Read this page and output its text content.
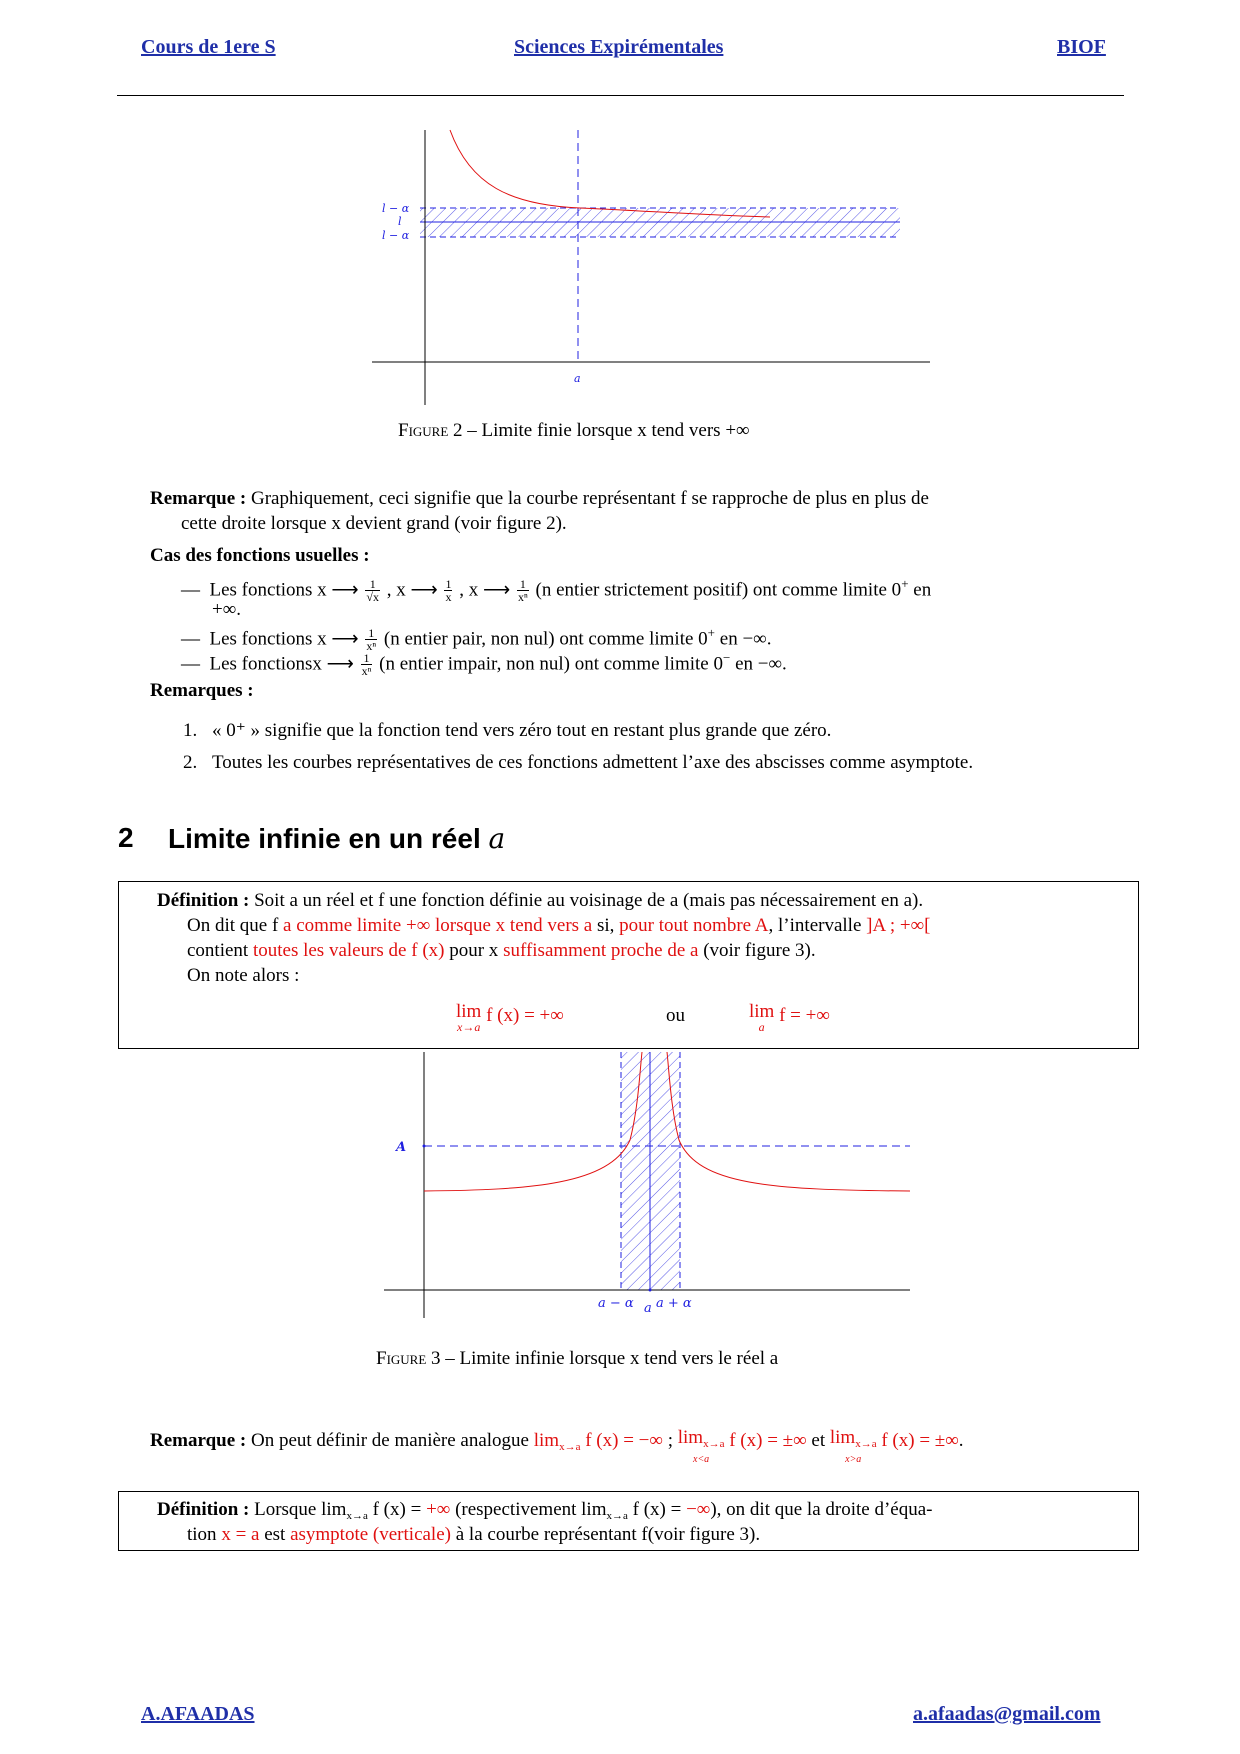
Cours de 1ere S	Sciences Expirémentales	BIOF
l − α
l
l − α
a
Figure 2 – Limite finie lorsque x tend vers +∞
Remarque : Graphiquement, ceci signifie que la courbe représentant f se rapproche de plus en plus de
cette droite lorsque x devient grand (voir figure 2).
Cas des fonctions usuelles :
— Les fonctions x ⟶ $\frac{1}{√x}$ , x ⟶ $\frac{1}{x}$ , x ⟶ $\frac{1}{\text{xⁿ}} (n$ entier strictement positif) ont comme limite 0+ en
+∞.
— Les fonctions x ⟶ $\frac{1}{\text{xⁿ}} (n$ entier pair, non nul) ont comme limite 0+ en −∞.
— Les fonctionsx ⟶ $\frac{1}{\text{xⁿ}} (n$ entier impair, non nul) ont comme limite 0− en −∞.
Remarques :
1. « 0⁺ » signifie que la fonction tend vers zéro tout en restant plus grande que zéro.
2. Toutes les courbes représentatives de ces fonctions admettent l’axe des abscisses comme asymptote.
2 Limite infinie en un réel a
Définition : Soit a un réel et f une fonction définie au voisinage de a (mais pas nécessairement en a).
On dit que f a comme limite +∞ lorsque x tend vers a si, pour tout nombre A, l’intervalle ]A ; +∞[
contient toutes les valeurs de f (x) pour x suffisamment proche de a (voir figure 3).
On note alors :
lim
x→a
f (x) = +∞	ou	lim
a
f = +∞
A
a − α a a + α
Figure 3 – Limite infinie lorsque x tend vers le réel a
Remarque : On peut définir de manière analogue $\lim_{x\to a} f$ (x) = −∞ ; $\lim_{x\to a}$
x<a
f (x) = ±∞ et $\lim_{x\to a}$
x>a
f (x) = ±∞.
Définition : Lorsque $\lim_{x\to a} f$ (x) = +∞ (respectivement $\lim_{x\to a} f$ (x) = −∞), on dit que la droite d’équa-
tion x = a est asymptote (verticale) à la courbe représentant f(voir figure 3).
A.AFAADAS	a.afaadas@gmail.com
